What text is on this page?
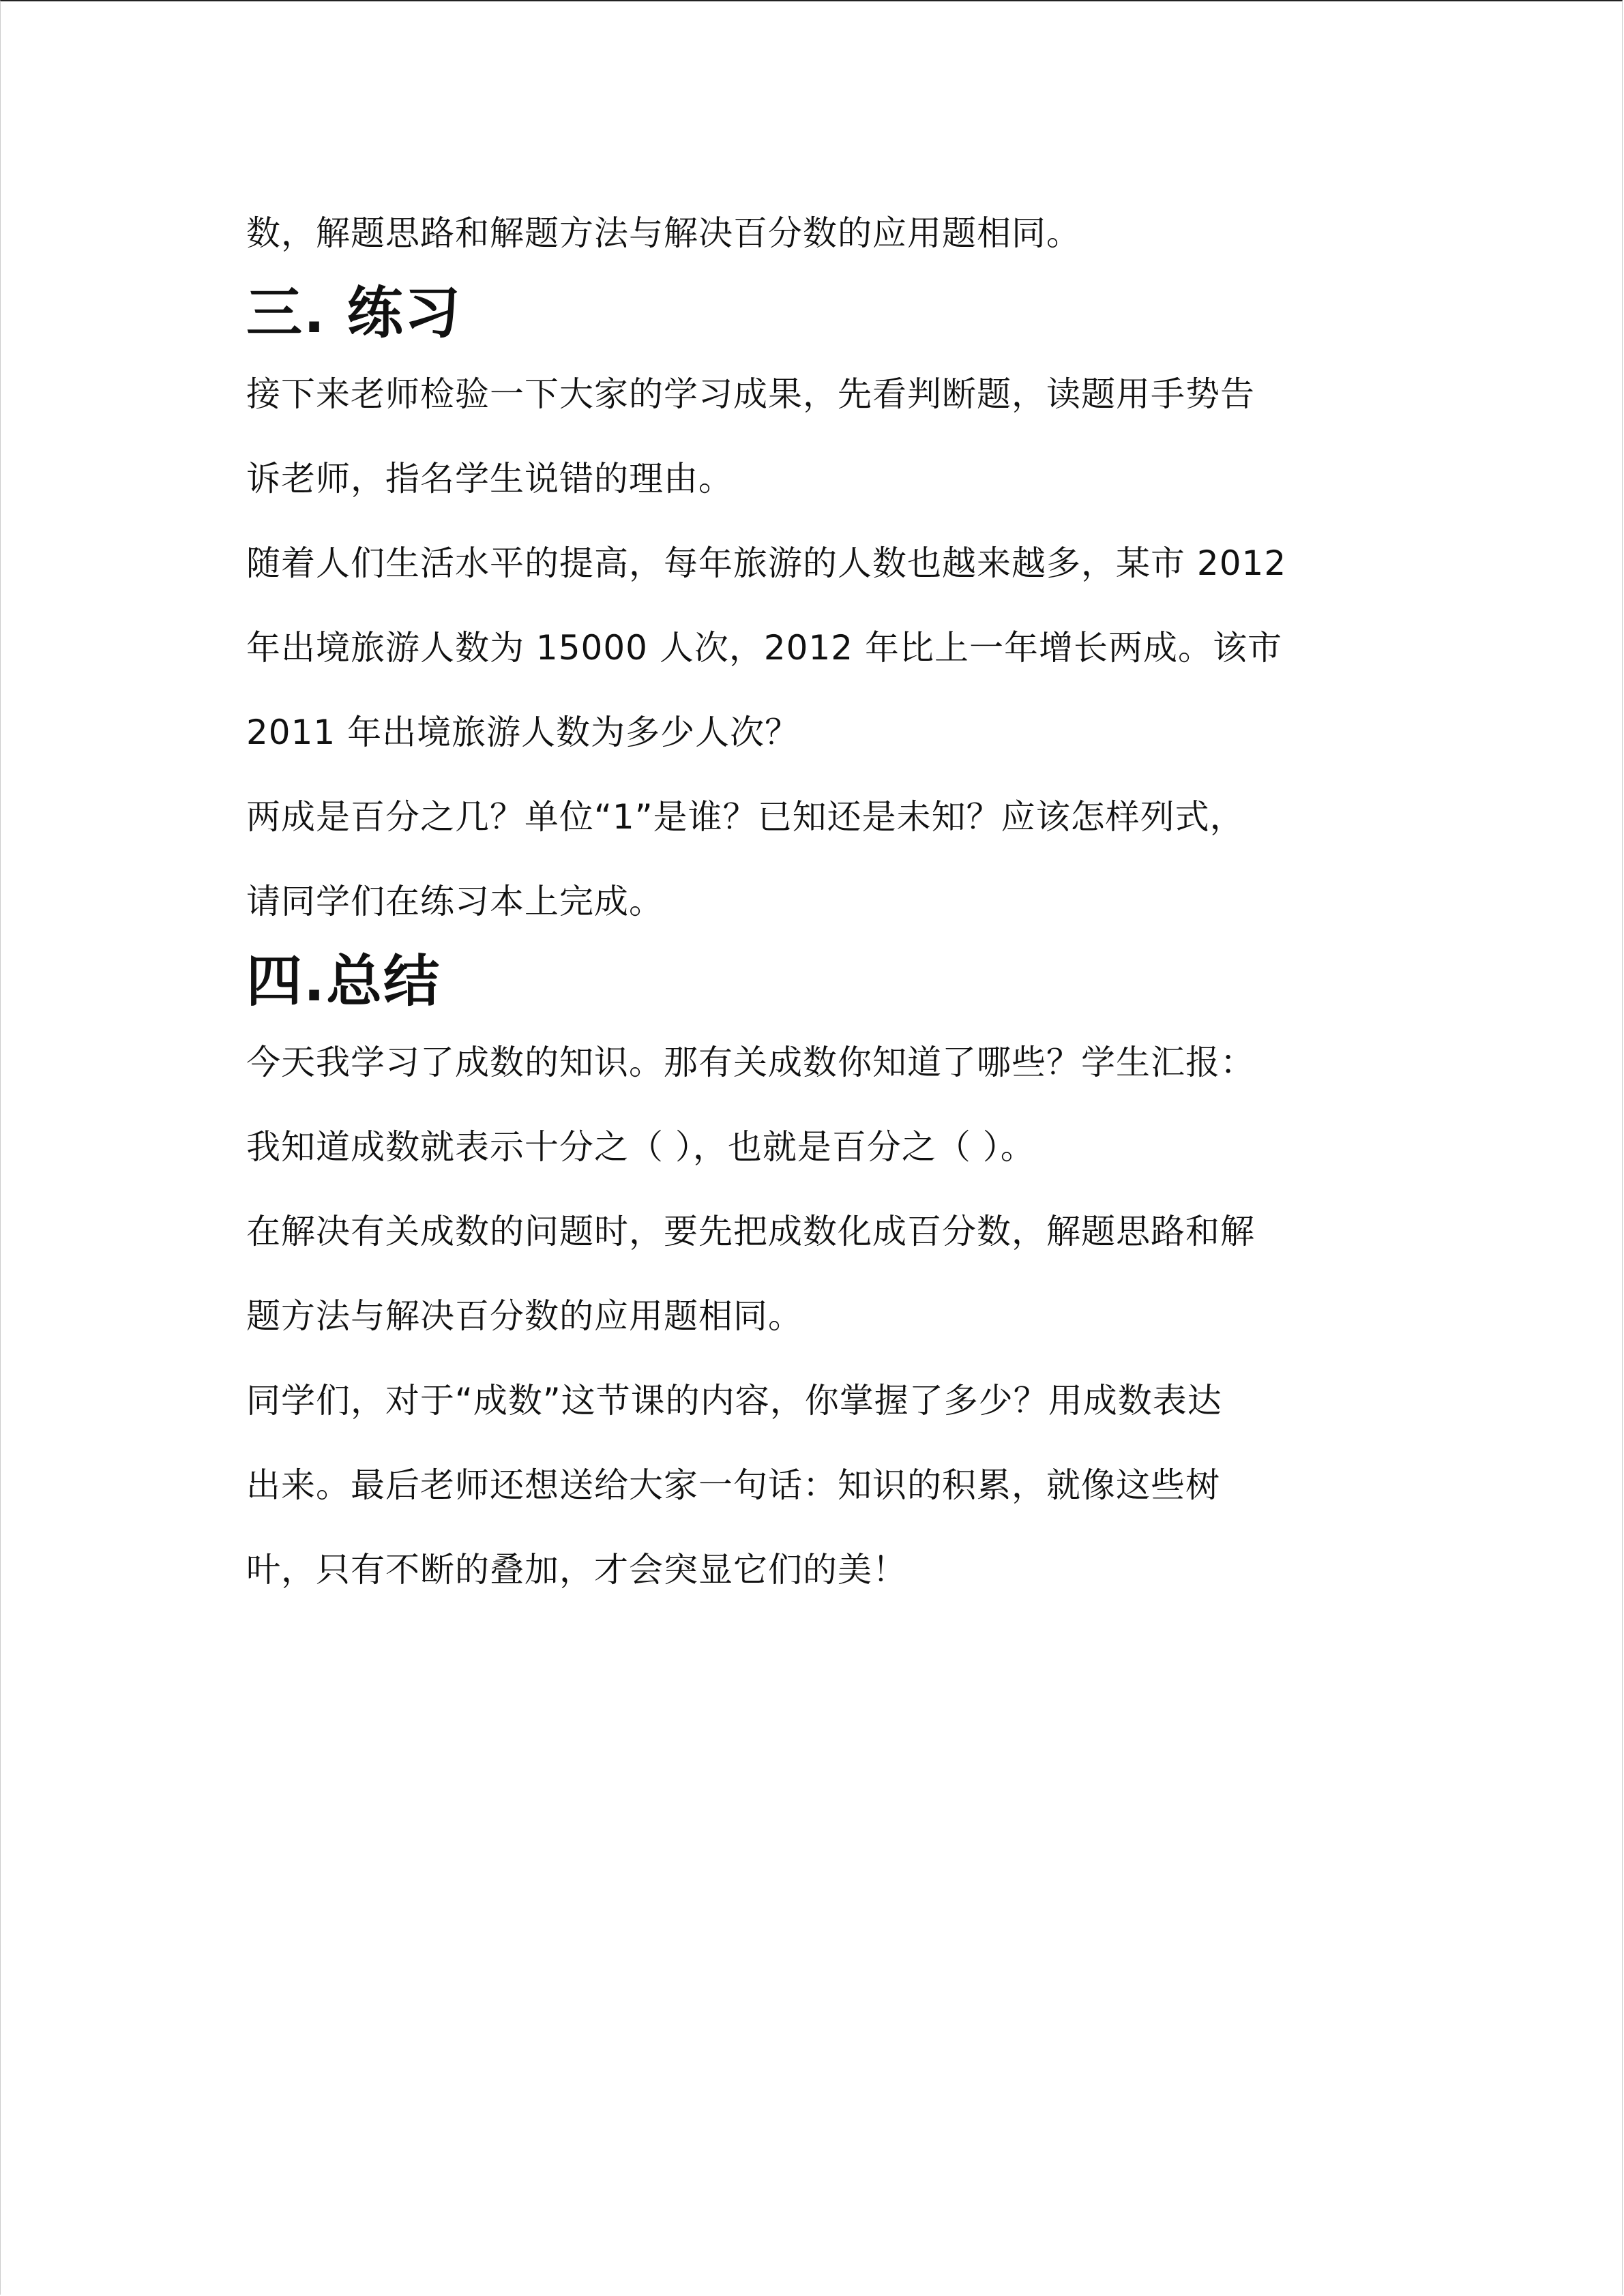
数，解题思路和解题方法与解决百分数的应用题相同。
三. 练习
接下来老师检验一下大家的学习成果，先看判断题，读题用手势告
诉老师，指名学生说错的理由。
随着人们生活水平的提高，每年旅游的人数也越来越多，某市 2012
年出境旅游人数为 15000 人次，2012 年比上一年增长两成。该市
2011 年出境旅游人数为多少人次？
两成是百分之几？单位“1”是谁？已知还是未知？应该怎样列式，
请同学们在练习本上完成。
四.总结
今天我学习了成数的知识。那有关成数你知道了哪些？学生汇报：
我知道成数就表示十分之（ ），也就是百分之（ ）。
在解决有关成数的问题时，要先把成数化成百分数，解题思路和解
题方法与解决百分数的应用题相同。
同学们，对于“成数”这节课的内容，你掌握了多少？用成数表达
出来。最后老师还想送给大家一句话：知识的积累，就像这些树
叶，只有不断的叠加，才会突显它们的美！
